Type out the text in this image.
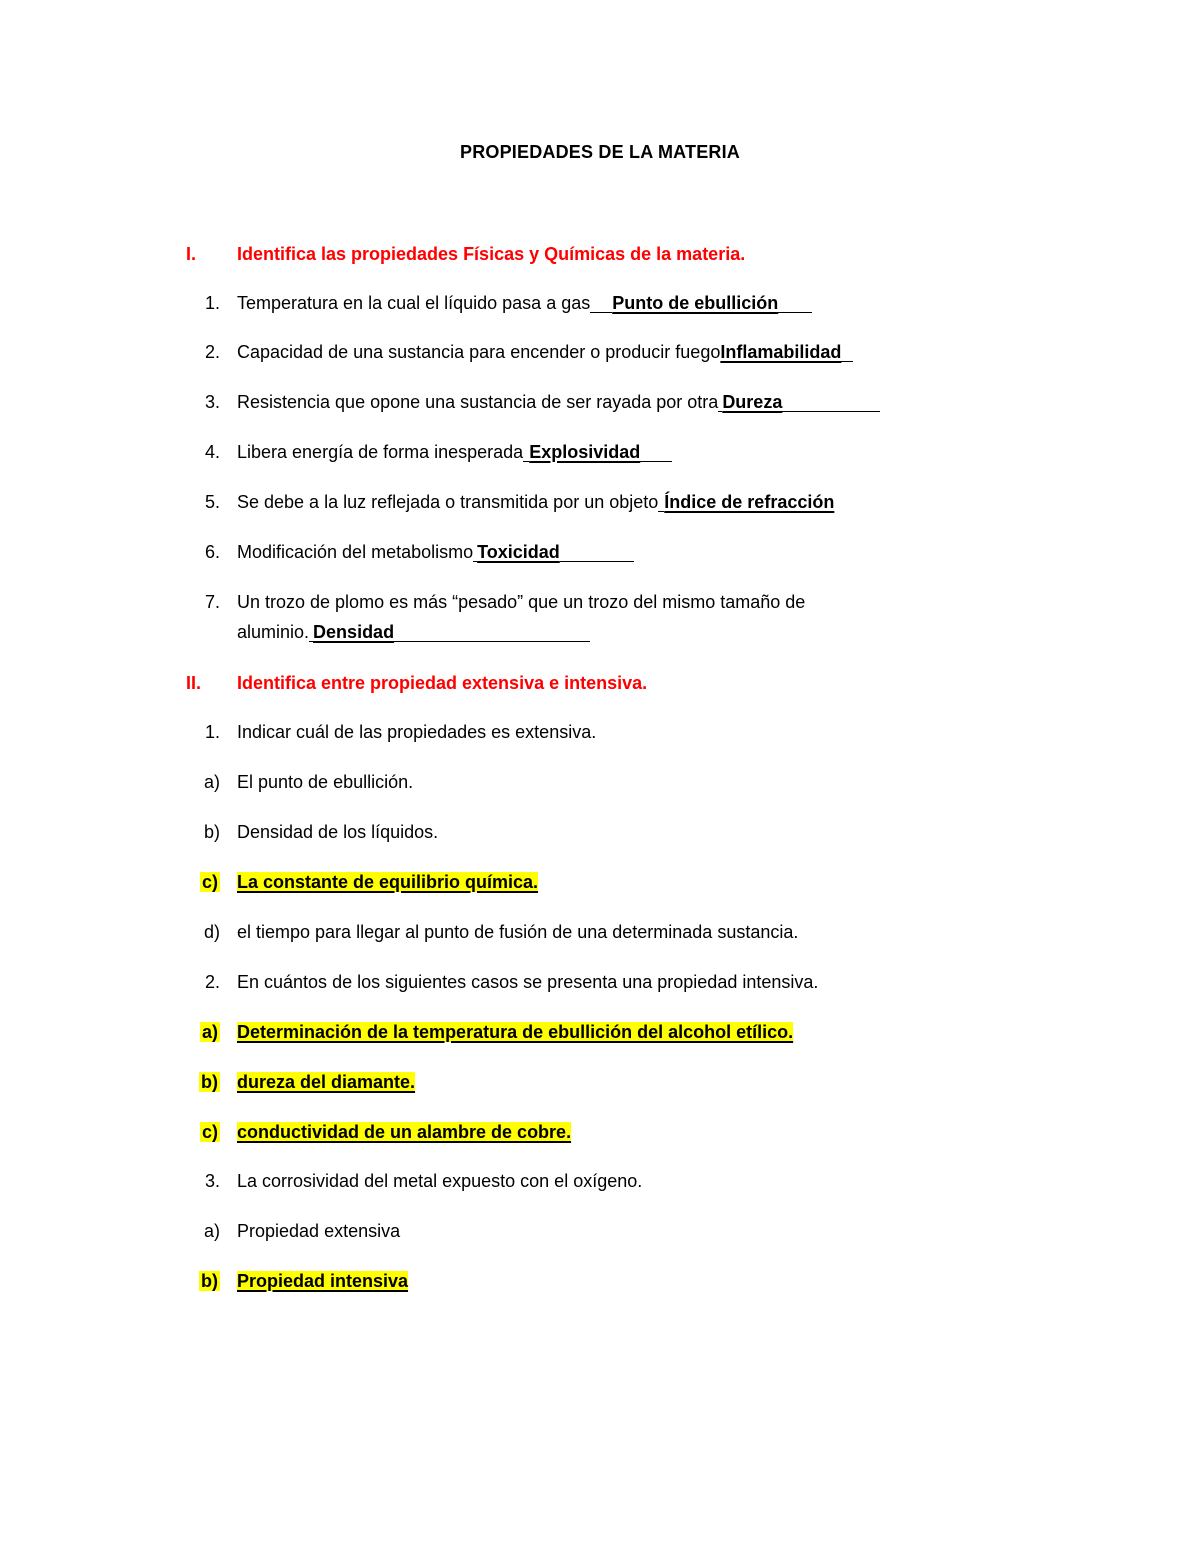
PROPIEDADES DE LA MATERIA
I.	Identifica las propiedades Físicas y Químicas de la materia.
1. Temperatura en la cual el líquido pasa a gas Punto de ebullición
2. Capacidad de una sustancia para encender o producir fuegoInflamabilidad
3. Resistencia que opone una sustancia de ser rayada por otra Dureza
4. Libera energía de forma inesperada Explosividad
5. Se debe a la luz reflejada o transmitida por un objeto Índice de refracción
6. Modificación del metabolismo Toxicidad
7. Un trozo de plomo es más “pesado” que un trozo del mismo tamaño de
aluminio. Densidad
II.	Identifica entre propiedad extensiva e intensiva.
1. Indicar cuál de las propiedades es extensiva.
a) El punto de ebullición.
b) Densidad de los líquidos.
c) La constante de equilibrio química.
d) el tiempo para llegar al punto de fusión de una determinada sustancia.
2. En cuántos de los siguientes casos se presenta una propiedad intensiva.
a) Determinación de la temperatura de ebullición del alcohol etílico.
b) dureza del diamante.
c) conductividad de un alambre de cobre.
3. La corrosividad del metal expuesto con el oxígeno.
a) Propiedad extensiva
b) Propiedad intensiva
